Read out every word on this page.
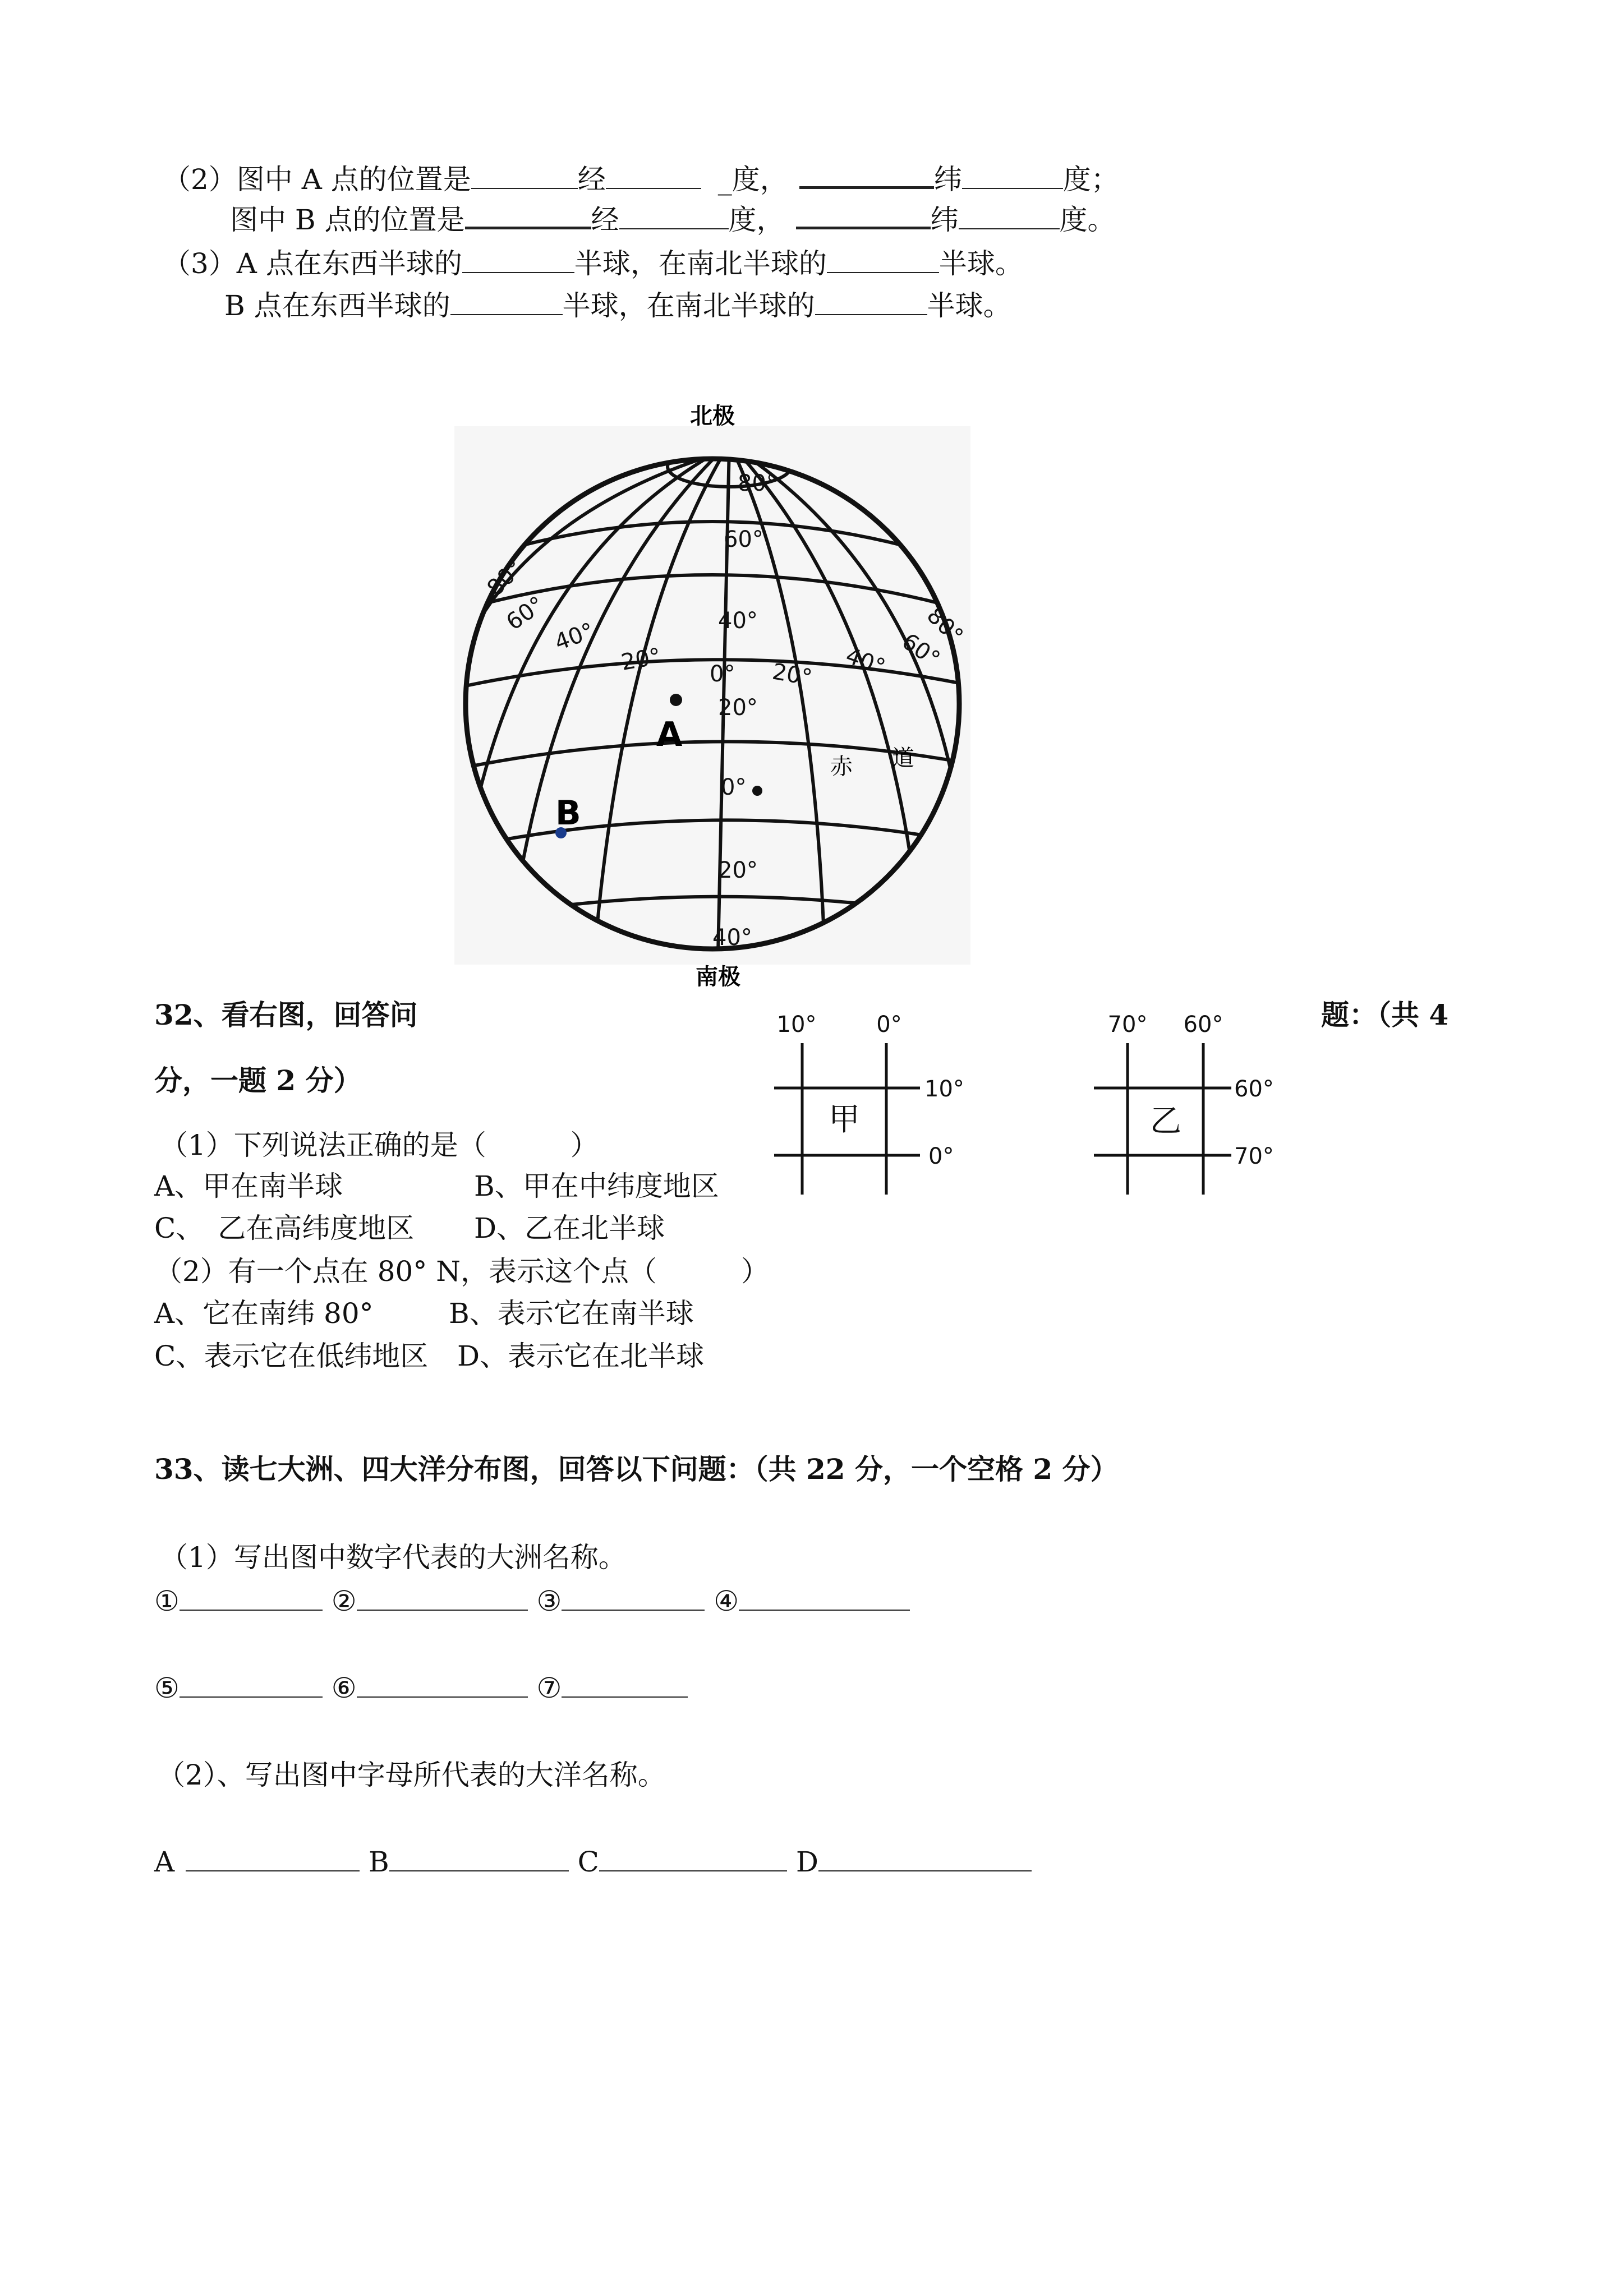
（2）图中 A 点的位置是	经	_度，	纬	度；
图中 B 点的位置是	经	度，	纬	度。
（3）A 点在东西半球的	半球，在南北半球的	半球。
B 点在东西半球的	半球，在南北半球的	半球。
北极
南极
80°
60°
40°
20°
0°
20°
40°
80°
60°
40°
20° 0° 20° 40° 60°
80°
A
B
赤 道
32、看右图，回答问	题：（共 4
分，一题 2 分）
（1）下列说法正确的是（　　　）
A、甲在南半球	B、甲在中纬度地区
C、　乙在高纬度地区 D、乙在北半球
（2）有一个点在 80° N，表示这个点（　　　）
A、它在南纬 80°	B、表示它在南半球
C、表示它在低纬地区 D、表示它在北半球
10°	0°
10°
0°
甲
70° 60°
60°
70°
乙
33、读七大洲、四大洋分布图，回答以下问题：（共 22 分，一个空格 2 分）
（1）写出图中数字代表的大洲名称。
①	②	③	④
⑤	⑥	⑦
（2）、写出图中字母所代表的大洋名称。
A	B	C	D
